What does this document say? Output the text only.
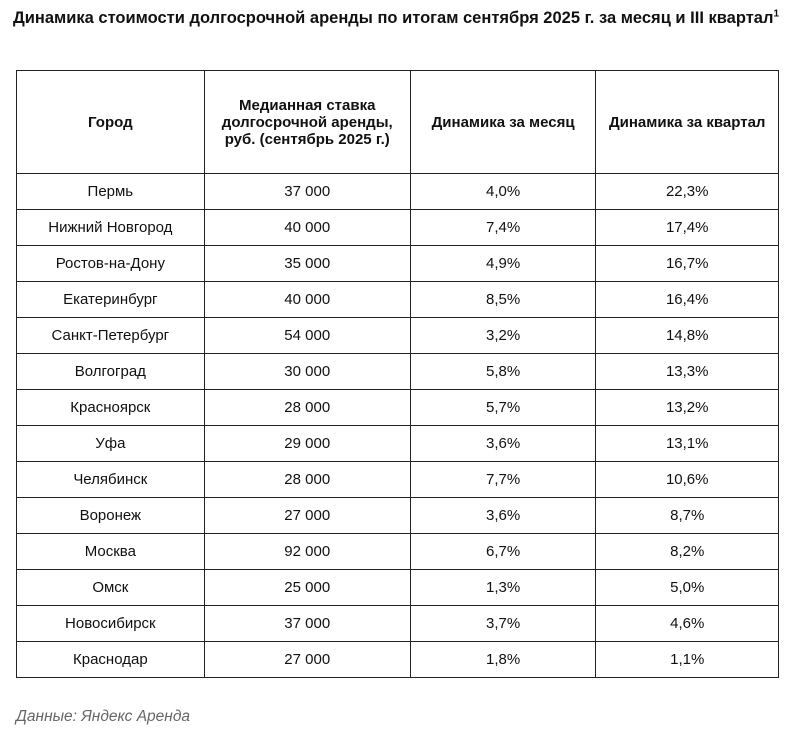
Динамика стоимости долгосрочной аренды по итогам сентября 2025 г. за месяц и III квартал$^1$
Город	Медианная ставка долгосрочной аренды, руб. (сентябрь 2025 г.)	Динамика за месяц	Динамика за квартал
Пермь	37 000	4,0%	22,3%
Нижний Новгород	40 000	7,4%	17,4%
Ростов-на-Дону	35 000	4,9%	16,7%
Екатеринбург	40 000	8,5%	16,4%
Санкт-Петербург	54 000	3,2%	14,8%
Волгоград	30 000	5,8%	13,3%
Красноярск	28 000	5,7%	13,2%
Уфа	29 000	3,6%	13,1%
Челябинск	28 000	7,7%	10,6%
Воронеж	27 000	3,6%	8,7%
Москва	92 000	6,7%	8,2%
Омск	25 000	1,3%	5,0%
Новосибирск	37 000	3,7%	4,6%
Краснодар	27 000	1,8%	1,1%
Данные: Яндекс Аренда
